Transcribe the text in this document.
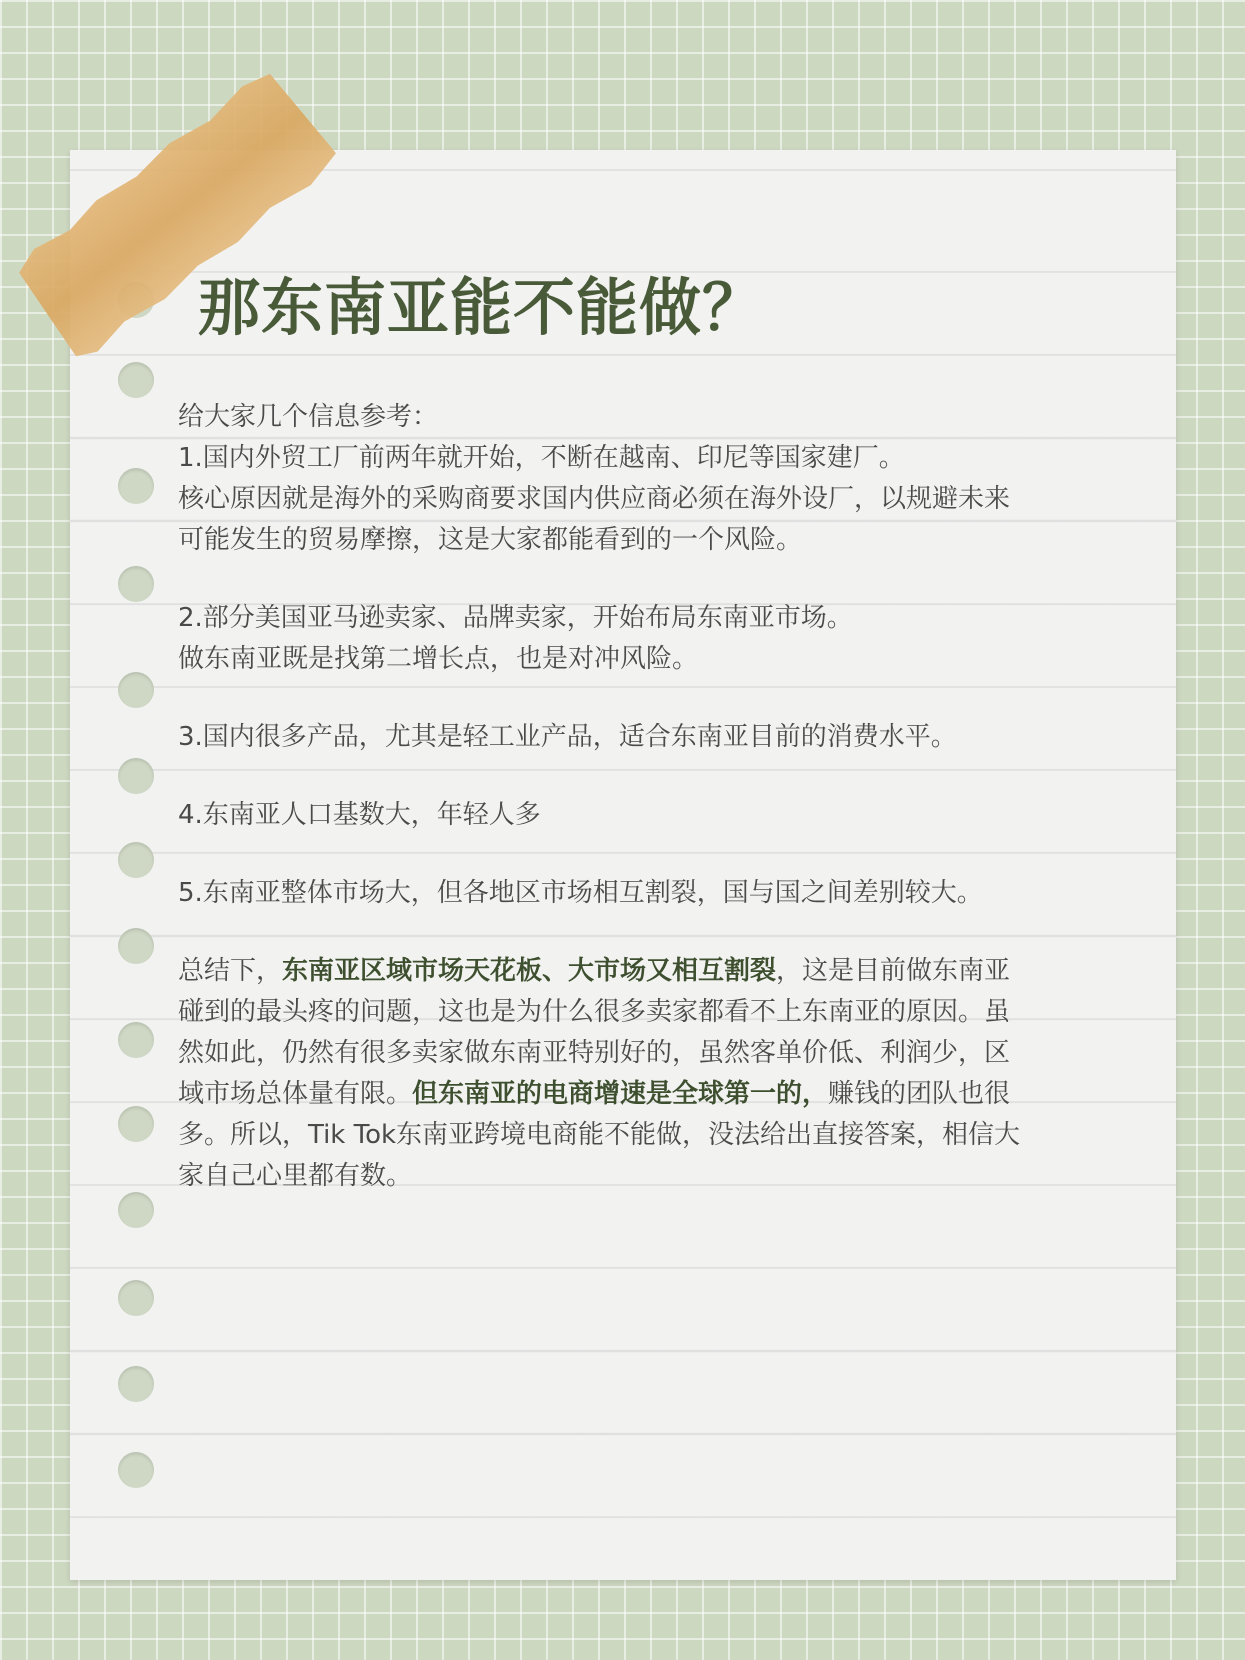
那东南亚能不能做？

给大家几个信息参考：

1.国内外贸工厂前两年就开始，不断在越南、印尼等国家建厂。

核心原因就是海外的采购商要求国内供应商必须在海外设厂，以规避未来

可能发生的贸易摩擦，这是大家都能看到的一个风险。

2.部分美国亚马逊卖家、品牌卖家，开始布局东南亚市场。

做东南亚既是找第二增长点，也是对冲风险。

3.国内很多产品，尤其是轻工业产品，适合东南亚目前的消费水平。

4.东南亚人口基数大，年轻人多

5.东南亚整体市场大，但各地区市场相互割裂，国与国之间差别较大。

总结下，东南亚区域市场天花板、大市场又相互割裂，这是目前做东南亚

碰到的最头疼的问题，这也是为什么很多卖家都看不上东南亚的原因。虽

然如此，仍然有很多卖家做东南亚特别好的，虽然客单价低、利润少，区

域市场总体量有限。但东南亚的电商增速是全球第一的，赚钱的团队也很

多。所以，Tik Tok东南亚跨境电商能不能做，没法给出直接答案，相信大

家自己心里都有数。
